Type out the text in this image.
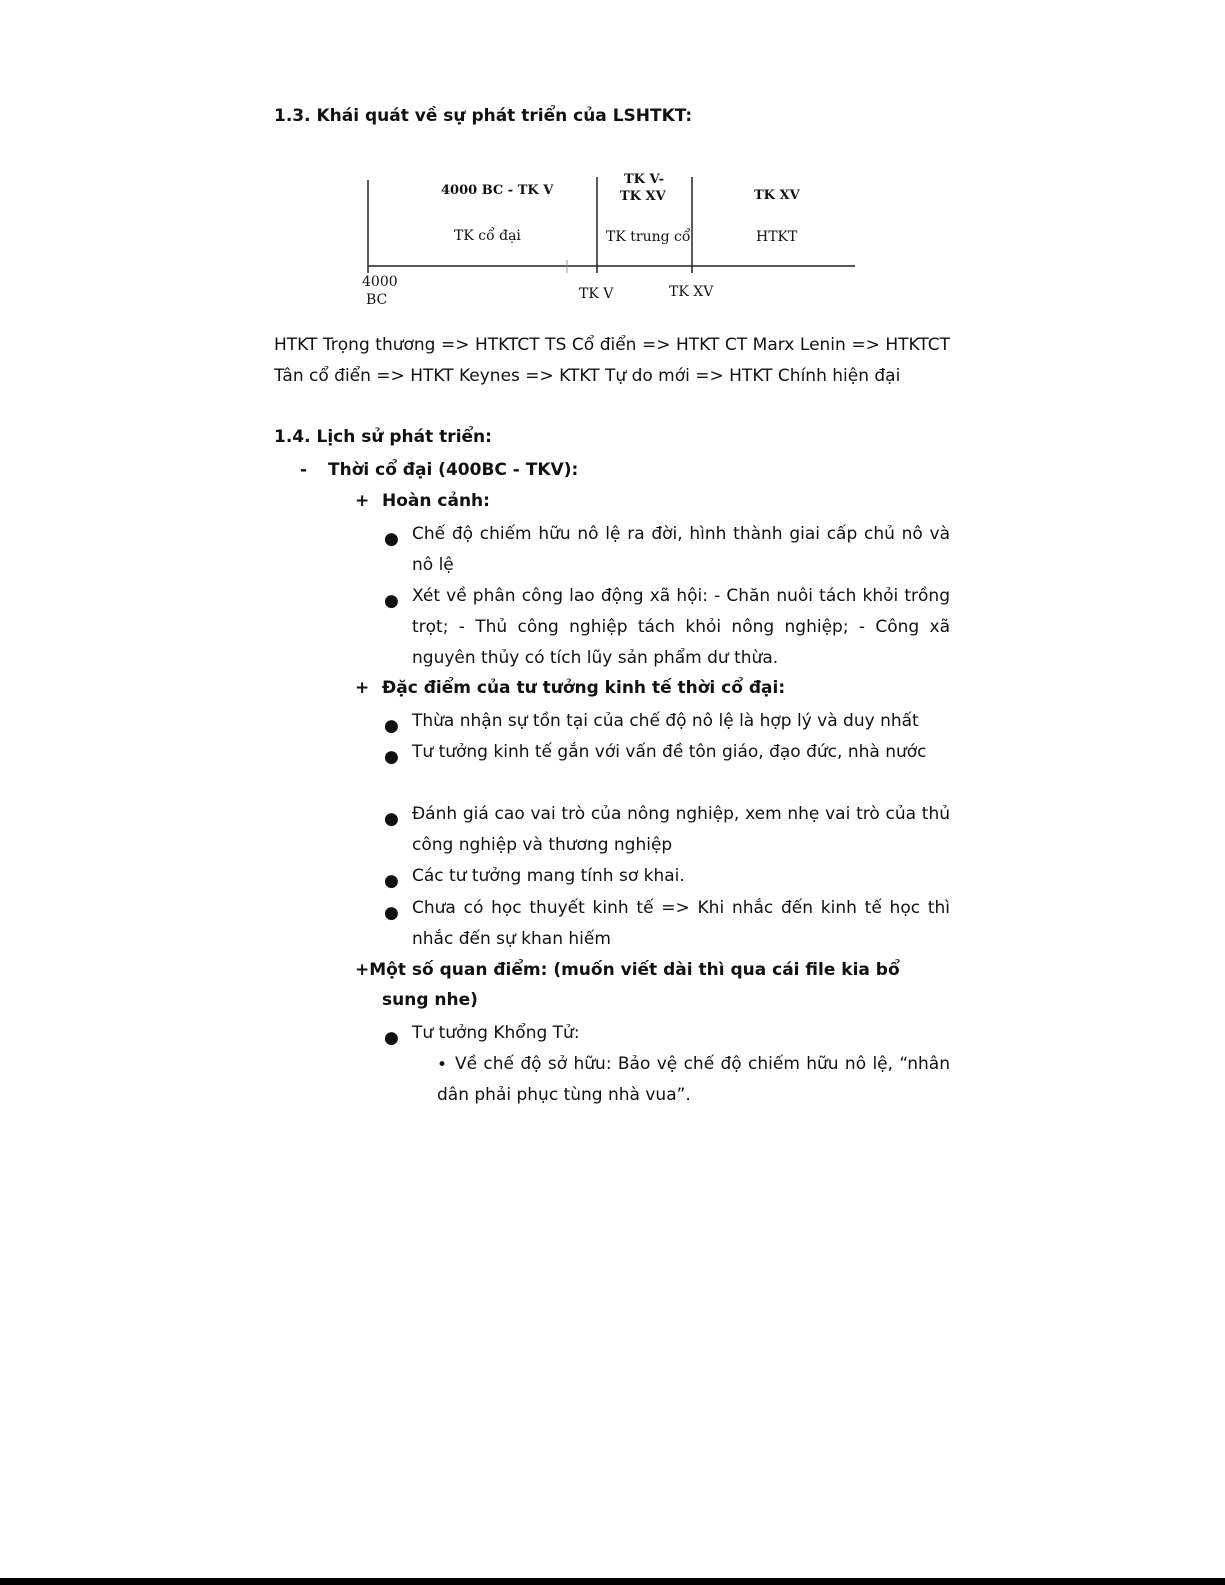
1.3. Khái quát về sự phát triển của LSHTKT:
4000 BC - TK V
TK cổ đại
TK V-
TK XV
TK trung cổ
TK XV
HTKT
4000
BC	TK V	TK XV
HTKT Trọng thương => HTKTCT TS Cổ điển => HTKT CT Marx Lenin => HTKTCT Tân cổ điển => HTKT Keynes => KTKT Tự do mới => HTKT Chính hiện đại
1.4. Lịch sử phát triển:
- Thời cổ đại (400BC - TKV):
+ Hoàn cảnh:
● Chế độ chiếm hữu nô lệ ra đời, hình thành giai cấp chủ nô và nô lệ
● Xét về phân công lao động xã hội: - Chăn nuôi tách khỏi trồng trọt; - Thủ công nghiệp tách khỏi nông nghiệp; - Công xã nguyên thủy có tích lũy sản phẩm dư thừa.
+ Đặc điểm của tư tưởng kinh tế thời cổ đại:
● Thừa nhận sự tồn tại của chế độ nô lệ là hợp lý và duy nhất
● Tư tưởng kinh tế gắn với vấn đề tôn giáo, đạo đức, nhà nước
● Đánh giá cao vai trò của nông nghiệp, xem nhẹ vai trò của thủ công nghiệp và thương nghiệp
● Các tư tưởng mang tính sơ khai.
● Chưa có học thuyết kinh tế => Khi nhắc đến kinh tế học thì nhắc đến sự khan hiếm
+Một số quan điểm: (muốn viết dài thì qua cái file kia bổ
sung nhe)
● Tư tưởng Khổng Tử:
• Về chế độ sở hữu: Bảo vệ chế độ chiếm hữu nô lệ, “nhân dân phải phục tùng nhà vua”.
